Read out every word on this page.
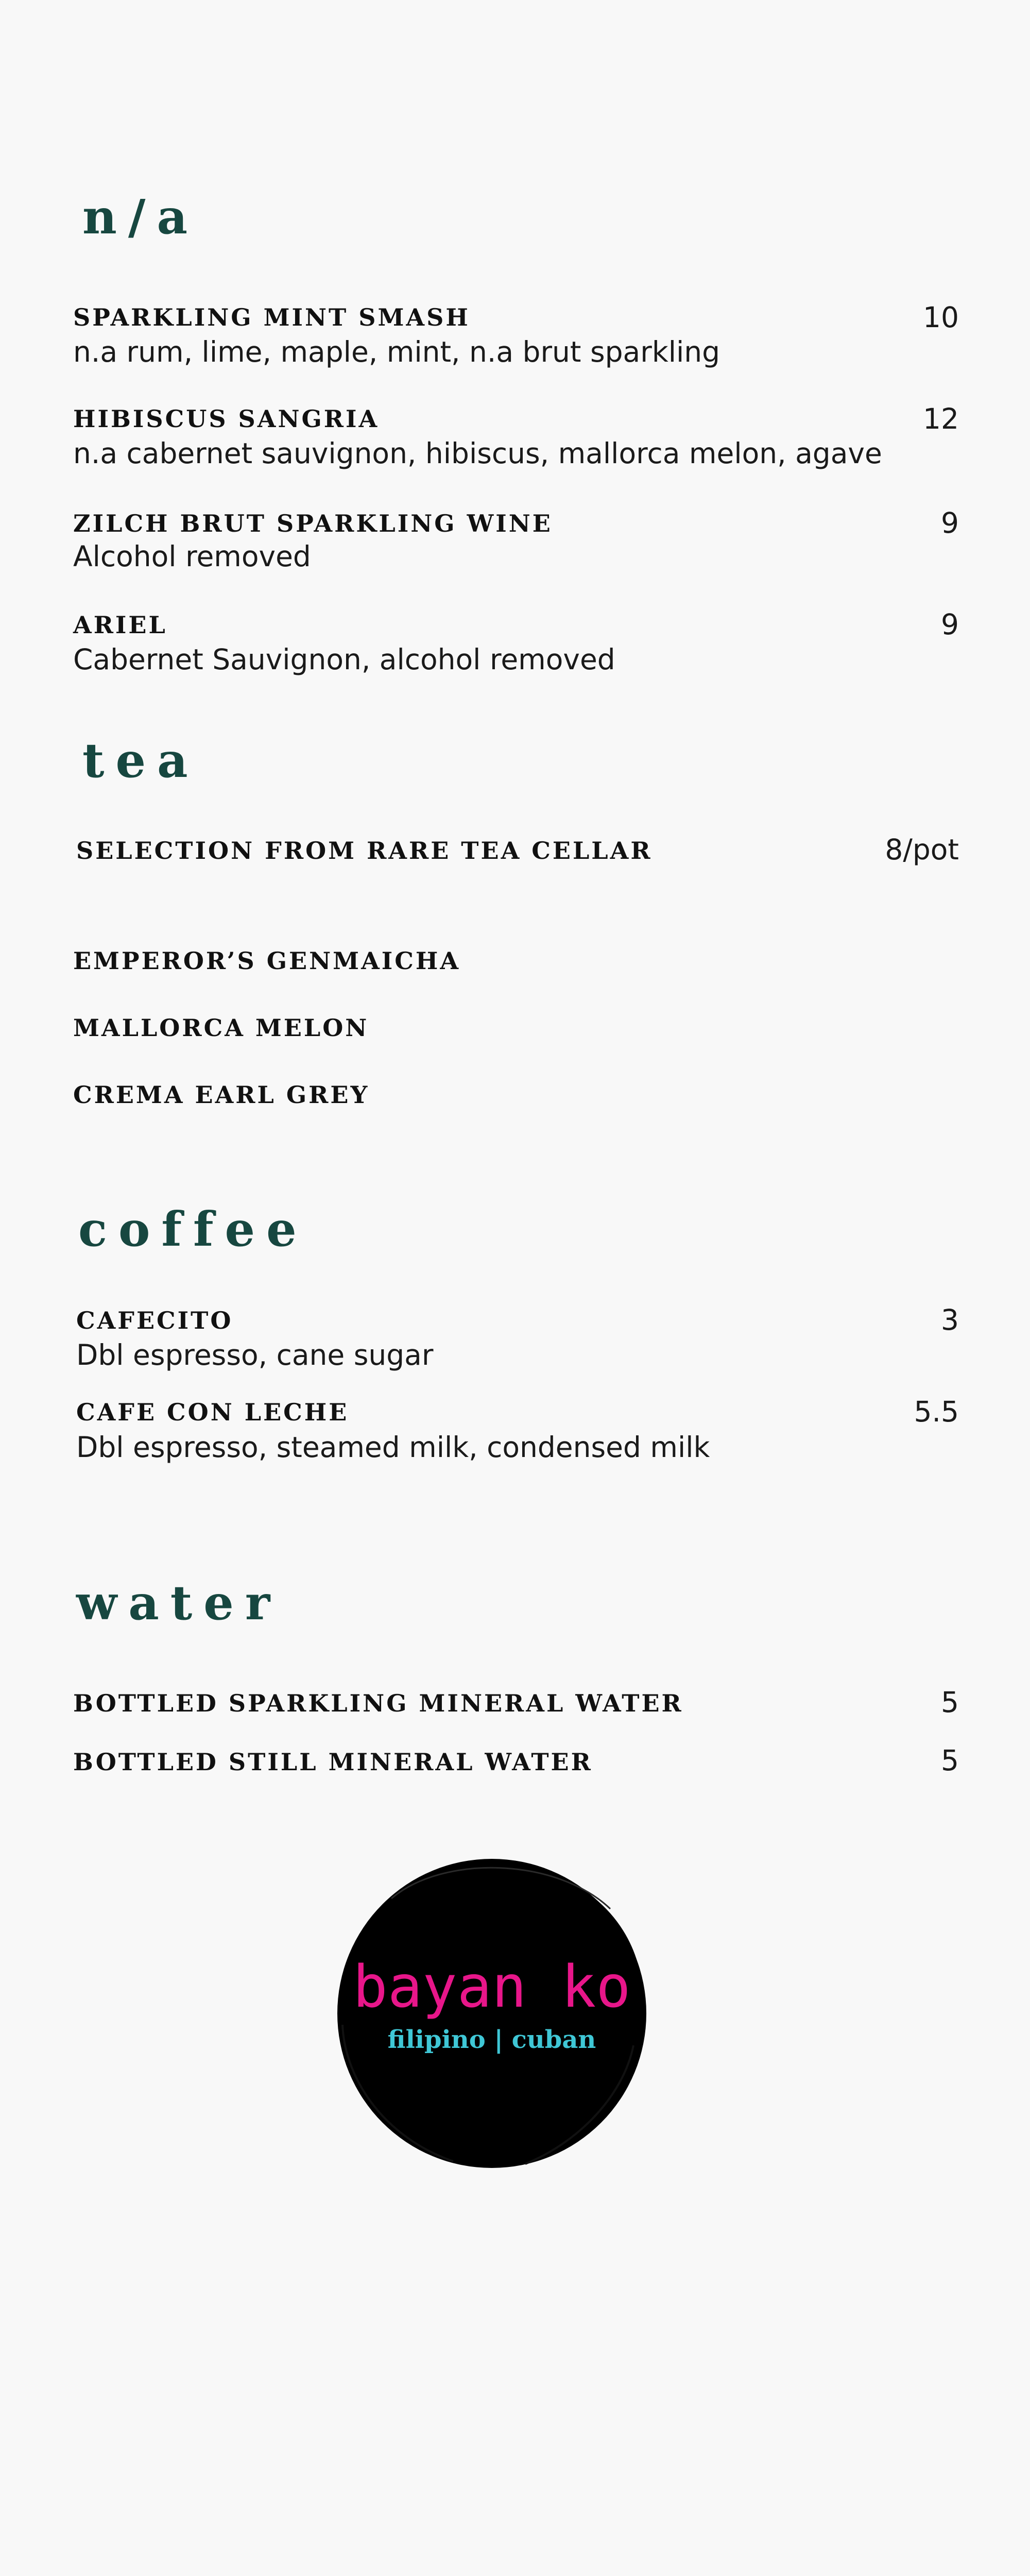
n/a
SPARKLING MINT SMASH	10
n.a rum, lime, maple, mint, n.a brut sparkling
HIBISCUS SANGRIA	12
n.a cabernet sauvignon, hibiscus, mallorca melon, agave
ZILCH BRUT SPARKLING WINE	9
Alcohol removed
ARIEL	9
Cabernet Sauvignon, alcohol removed
tea
SELECTION FROM RARE TEA CELLAR	8/pot
EMPEROR’S GENMAICHA
MALLORCA MELON
CREMA EARL GREY
coffee
CAFECITO	3
Dbl espresso, cane sugar
CAFE CON LECHE	5.5
Dbl espresso, steamed milk, condensed milk
water
BOTTLED SPARKLING MINERAL WATER	5
BOTTLED STILL MINERAL WATER	5
bayan ko
filipino | cuban
